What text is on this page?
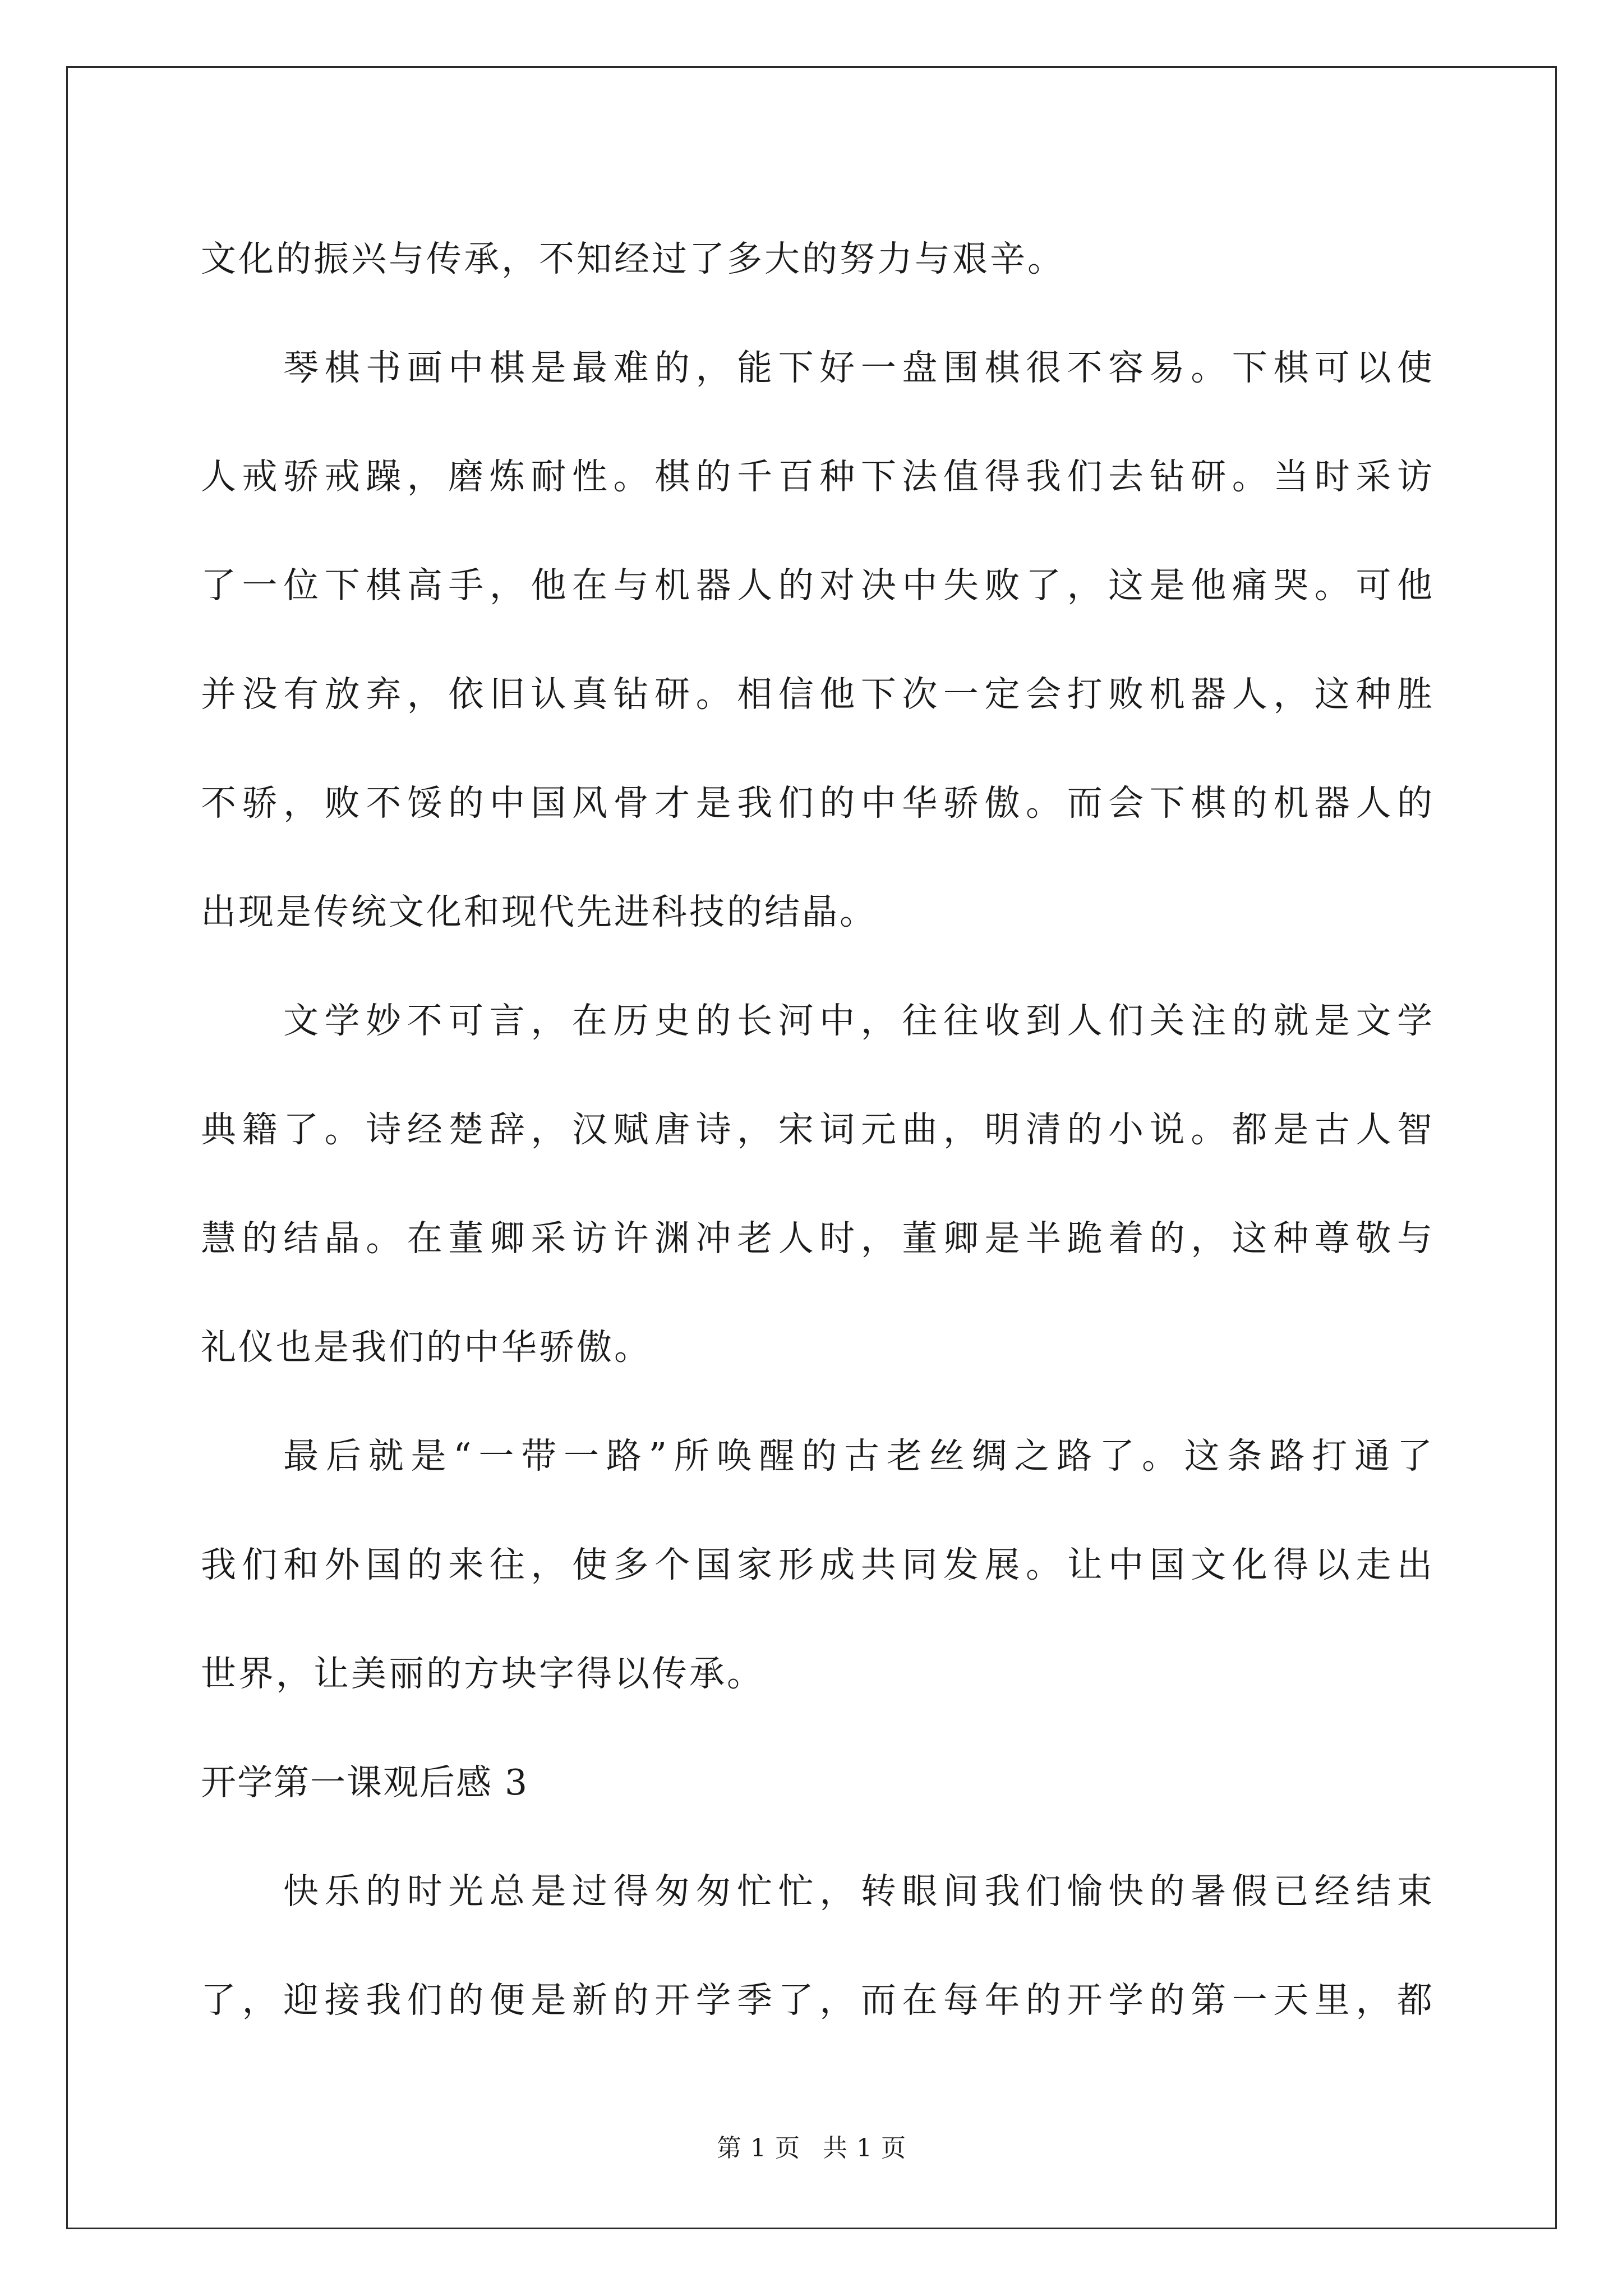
文化的振兴与传承，不知经过了多大的努力与艰辛。
琴棋书画中棋是最难的，能下好一盘围棋很不容易。下棋可以使
人戒骄戒躁，磨炼耐性。棋的千百种下法值得我们去钻研。当时采访
了一位下棋高手，他在与机器人的对决中失败了，这是他痛哭。可他
并没有放弃，依旧认真钻研。相信他下次一定会打败机器人，这种胜
不骄，败不馁的中国风骨才是我们的中华骄傲。而会下棋的机器人的
出现是传统文化和现代先进科技的结晶。
文学妙不可言，在历史的长河中，往往收到人们关注的就是文学
典籍了。诗经楚辞，汉赋唐诗，宋词元曲，明清的小说。都是古人智
慧的结晶。在董卿采访许渊冲老人时，董卿是半跪着的，这种尊敬与
礼仪也是我们的中华骄傲。
最后就是“一带一路”所唤醒的古老丝绸之路了。这条路打通了
我们和外国的来往，使多个国家形成共同发展。让中国文化得以走出
世界，让美丽的方块字得以传承。
开学第一课观后感 3
快乐的时光总是过得匆匆忙忙，转眼间我们愉快的暑假已经结束
了，迎接我们的便是新的开学季了，而在每年的开学的第一天里，都
第 1 页 共 1 页
